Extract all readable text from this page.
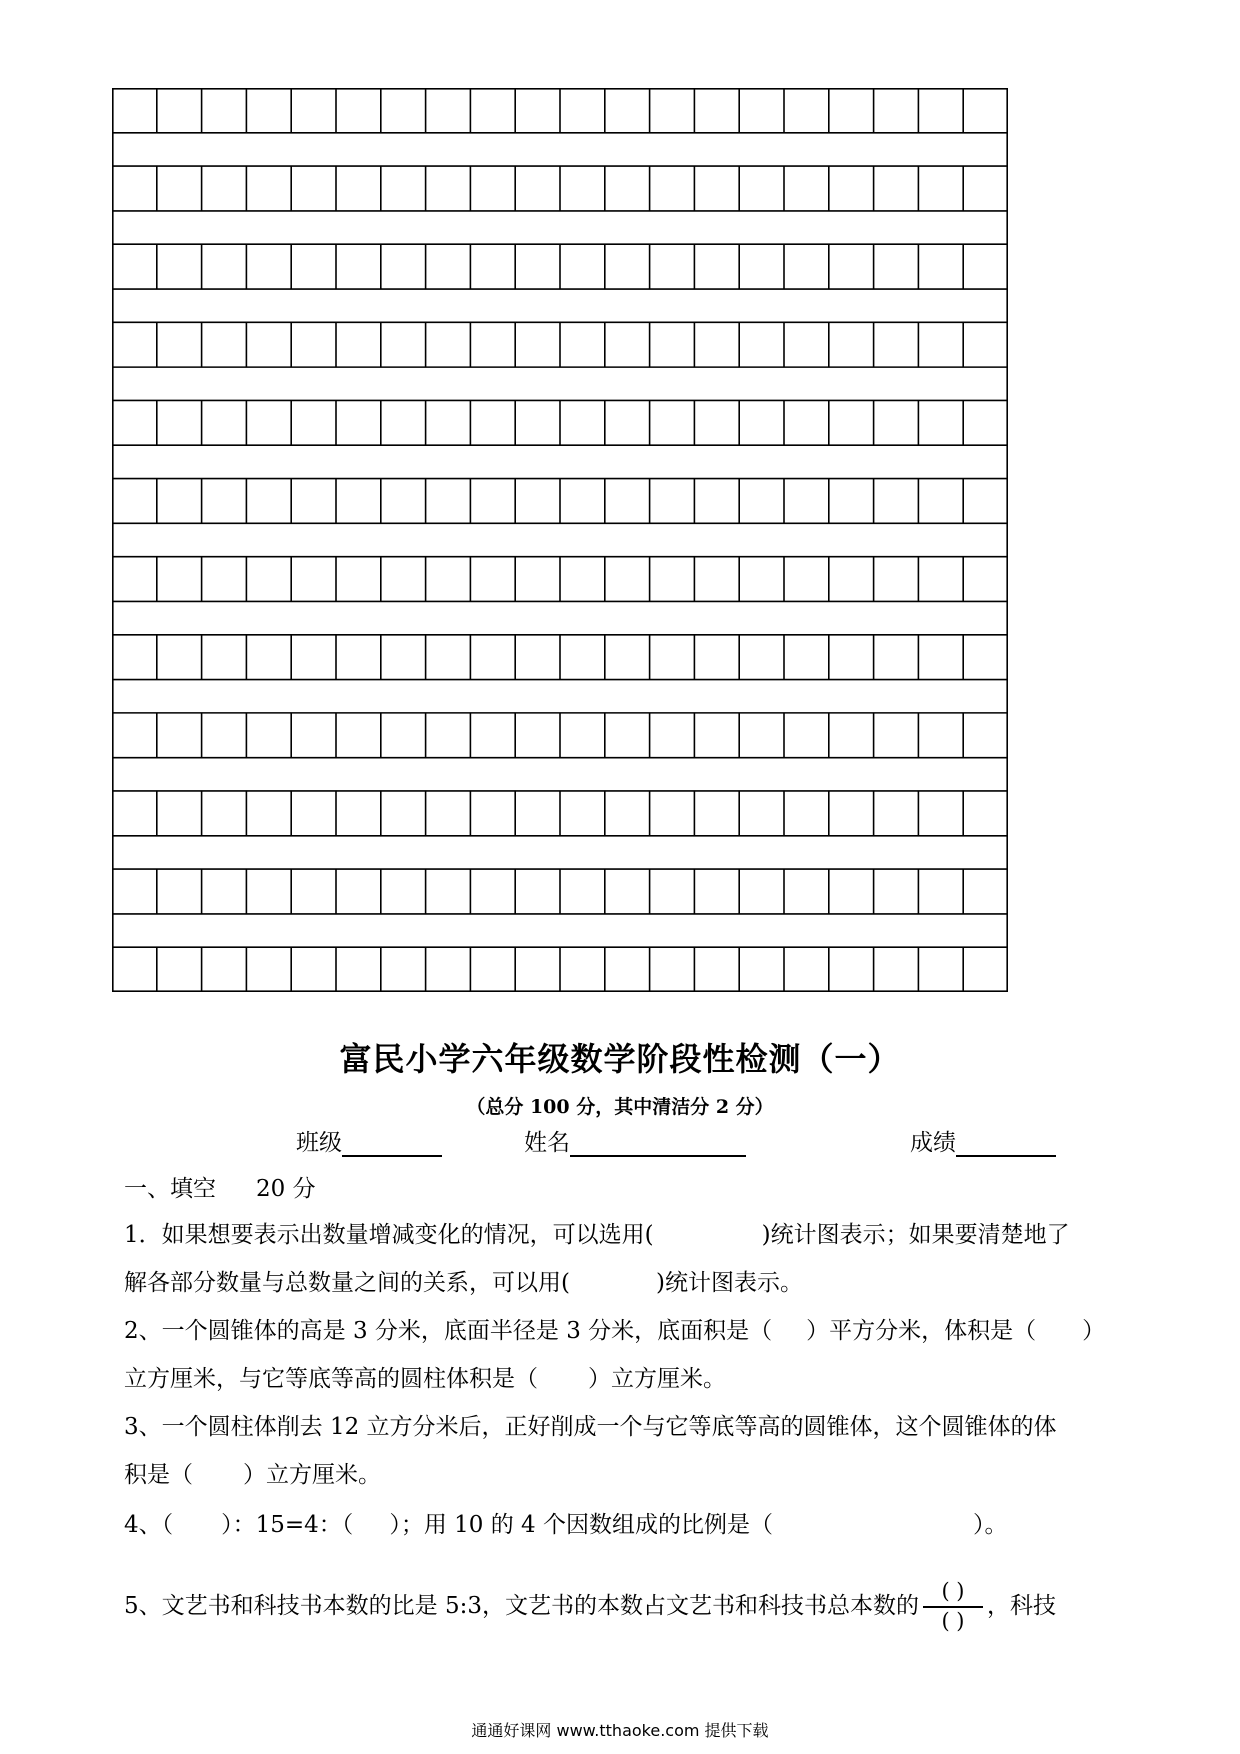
富民小学六年级数学阶段性检测（一）
（总分 100 分，其中清洁分 2 分）
班级	姓名	成绩
一、填空 20 分
1．如果想要表示出数量增减变化的情况，可以选用(	)统计图表示；如果要清楚地了
解各部分数量与总数量之间的关系，可以用(	)统计图表示。
2、一个圆锥体的高是 3 分米，底面半径是 3 分米，底面积是（ ）平方分米，体积是（ ）
立方厘米，与它等底等高的圆柱体积是（ ）立方厘米。
3、一个圆柱体削去 12 立方分米后，正好削成一个与它等底等高的圆锥体，这个圆锥体的体
积是（ ）立方厘米。
4、（ ）：15=4：（ ）；用 10 的 4 个因数组成的比例是（	）。
5、文艺书和科技书本数的比是 5:3，文艺书的本数占文艺书和科技书总本数的 $\frac{( )}{( )}$ ，科技
通通好课网 www.tthaoke.com 提供下载
